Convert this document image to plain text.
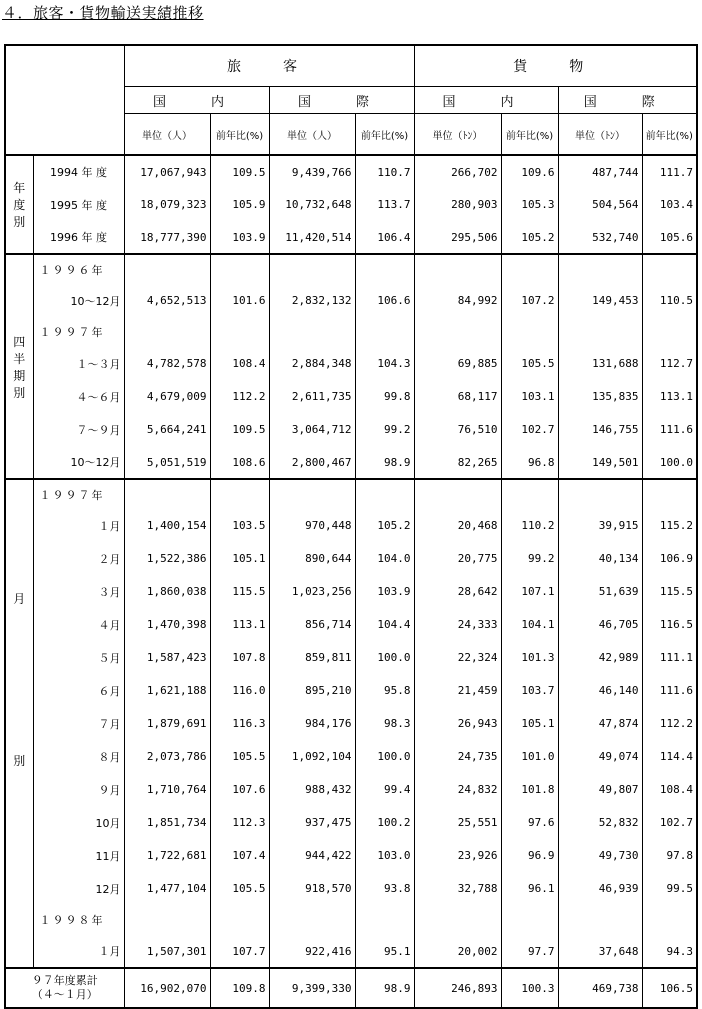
４．旅客・貨物輸送実績推移
		旅　客				貨　物			
		国　内		国　際		国　内		国　際	
		単位（人）	前年比(%)	単位（人）	前年比(%)	単位（ﾄﾝ）	前年比(%)	単位（ﾄﾝ）	前年比(%)

年
度
別	1994 年 度	17,067,943	109.5	9,439,766	110.7	266,702	109.6	487,744	111.7
	1995 年 度	18,079,323	105.9	10,732,648	113.7	280,903	105.3	504,564	103.4
	1996 年 度	18,777,390	103.9	11,420,514	106.4	295,506	105.2	532,740	105.6

四
半
期
別	１９９６年								
	10～12月	4,652,513	101.6	2,832,132	106.6	84,992	107.2	149,453	110.5
	１９９７年								
	１～３月	4,782,578	108.4	2,884,348	104.3	69,885	105.5	131,688	112.7
	４～６月	4,679,009	112.2	2,611,735	99.8	68,117	103.1	135,835	113.1
	７～９月	5,664,241	109.5	3,064,712	99.2	76,510	102.7	146,755	111.6
	10～12月	5,051,519	108.6	2,800,467	98.9	82,265	96.8	149,501	100.0

月
別	１９９７年								
	１月	1,400,154	103.5	970,448	105.2	20,468	110.2	39,915	115.2
	２月	1,522,386	105.1	890,644	104.0	20,775	99.2	40,134	106.9
	３月	1,860,038	115.5	1,023,256	103.9	28,642	107.1	51,639	115.5
	４月	1,470,398	113.1	856,714	104.4	24,333	104.1	46,705	116.5
	５月	1,587,423	107.8	859,811	100.0	22,324	101.3	42,989	111.1
	６月	1,621,188	116.0	895,210	95.8	21,459	103.7	46,140	111.6
	７月	1,879,691	116.3	984,176	98.3	26,943	105.1	47,874	112.2
	８月	2,073,786	105.5	1,092,104	100.0	24,735	101.0	49,074	114.4
	９月	1,710,764	107.6	988,432	99.4	24,832	101.8	49,807	108.4
	10月	1,851,734	112.3	937,475	100.2	25,551	97.6	52,832	102.7
	11月	1,722,681	107.4	944,422	103.0	23,926	96.9	49,730	97.8
	12月	1,477,104	105.5	918,570	93.8	32,788	96.1	46,939	99.5
	１９９８年								
	１月	1,507,301	107.7	922,416	95.1	20,002	97.7	37,648	94.3

９７年度累計
（４～１月）		16,902,070	109.8	9,399,330	98.9	246,893	100.3	469,738	106.5
